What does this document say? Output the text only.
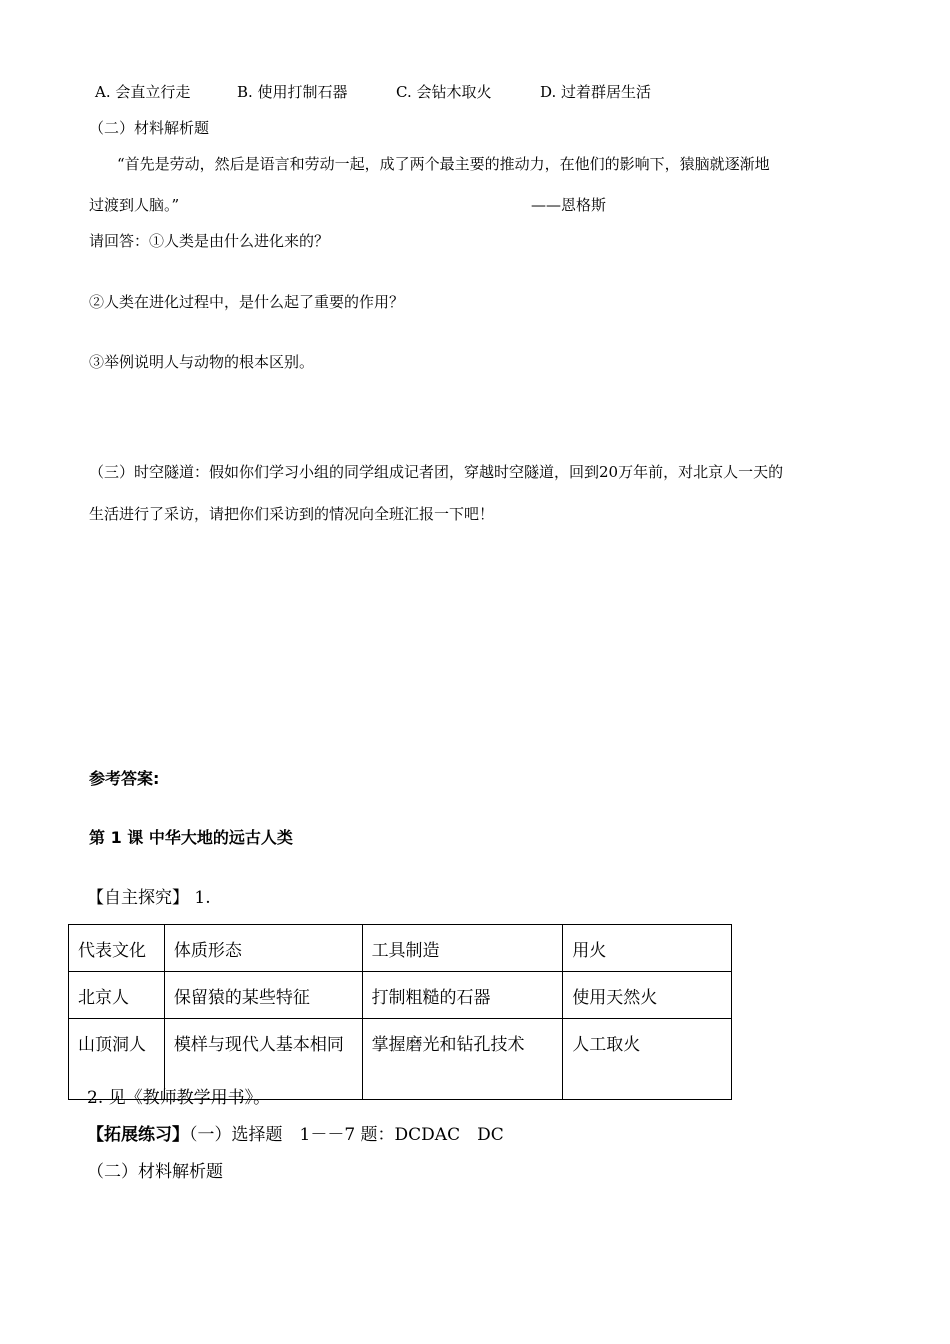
A. 会直立行走	B. 使用打制石器	C. 会钻木取火	D. 过着群居生活
（二）材料解析题
“首先是劳动，然后是语言和劳动一起，成了两个最主要的推动力，在他们的影响下，猿脑就逐渐地
过渡到人脑。”	——恩格斯
请回答：①人类是由什么进化来的？
②人类在进化过程中，是什么起了重要的作用？
③举例说明人与动物的根本区别。
（三）时空隧道：假如你们学习小组的同学组成记者团，穿越时空隧道，回到20万年前，对北京人一天的
生活进行了采访，请把你们采访到的情况向全班汇报一下吧！
参考答案:
第 1 课 中华大地的远古人类
【自主探究】 1.
代表文化	体质形态	工具制造	用火
北京人	保留猿的某些特征	打制粗糙的石器	使用天然火
山顶洞人	模样与现代人基本相同	掌握磨光和钻孔技术	人工取火
2. 见《教师教学用书》。
【拓展练习】（一）选择题　1－－7 题：DCDAC　DC
（二）材料解析题
